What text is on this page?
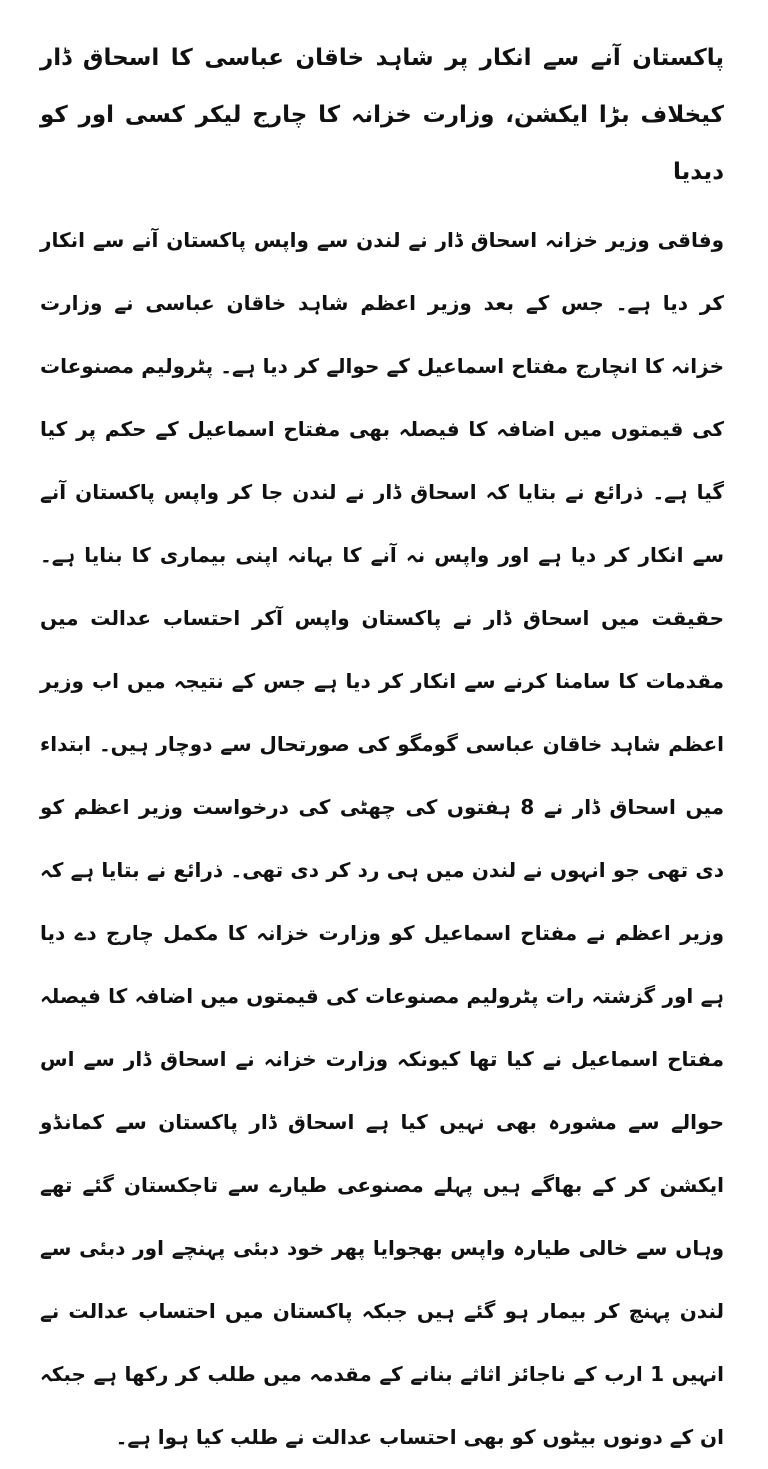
پاکستان آنے سے انکار پر شاہد خاقان عباسی کا اسحاق ڈار کیخلاف بڑا ایکشن، وزارت خزانہ کا چارج لیکر کسی اور کو دیدیا

وفاقی وزیر خزانہ اسحاق ڈار نے لندن سے واپس پاکستان آنے سے انکار کر دیا ہے۔ جس کے بعد وزیر اعظم شاہد خاقان عباسی نے وزارت خزانہ کا انچارج مفتاح اسماعیل کے حوالے کر دیا ہے۔ پٹرولیم مصنوعات کی قیمتوں میں اضافہ کا فیصلہ بھی مفتاح اسماعیل کے حکم پر کیا گیا ہے۔ ذرائع نے بتایا کہ اسحاق ڈار نے لندن جا کر واپس پاکستان آنے سے انکار کر دیا ہے اور واپس نہ آنے کا بہانہ اپنی بیماری کا بنایا ہے۔ حقیقت میں اسحاق ڈار نے پاکستان واپس آکر احتساب عدالت میں مقدمات کا سامنا کرنے سے انکار کر دیا ہے جس کے نتیجہ میں اب وزیر اعظم شاہد خاقان عباسی گومگو کی صورتحال سے دوچار ہیں۔ ابتداء میں اسحاق ڈار نے 8 ہفتوں کی چھٹی کی درخواست وزیر اعظم کو دی تھی جو انہوں نے لندن میں ہی رد کر دی تھی۔ ذرائع نے بتایا ہے کہ وزیر اعظم نے مفتاح اسماعیل کو وزارت خزانہ کا مکمل چارج دے دیا ہے اور گزشتہ رات پٹرولیم مصنوعات کی قیمتوں میں اضافہ کا فیصلہ مفتاح اسماعیل نے کیا تھا کیونکہ وزارت خزانہ نے اسحاق ڈار سے اس حوالے سے مشورہ بھی نہیں کیا ہے اسحاق ڈار پاکستان سے کمانڈو ایکشن کر کے بھاگے ہیں پہلے مصنوعی طیارے سے تاجکستان گئے تھے وہاں سے خالی طیارہ واپس بھجوایا پھر خود دبئی پہنچے اور دبئی سے لندن پہنچ کر بیمار ہو گئے ہیں جبکہ پاکستان میں احتساب عدالت نے انہیں 1 ارب کے ناجائز اثاثے بنانے کے مقدمہ میں طلب کر رکھا ہے جبکہ ان کے دونوں بیٹوں کو بھی احتساب عدالت نے طلب کیا ہوا ہے۔
